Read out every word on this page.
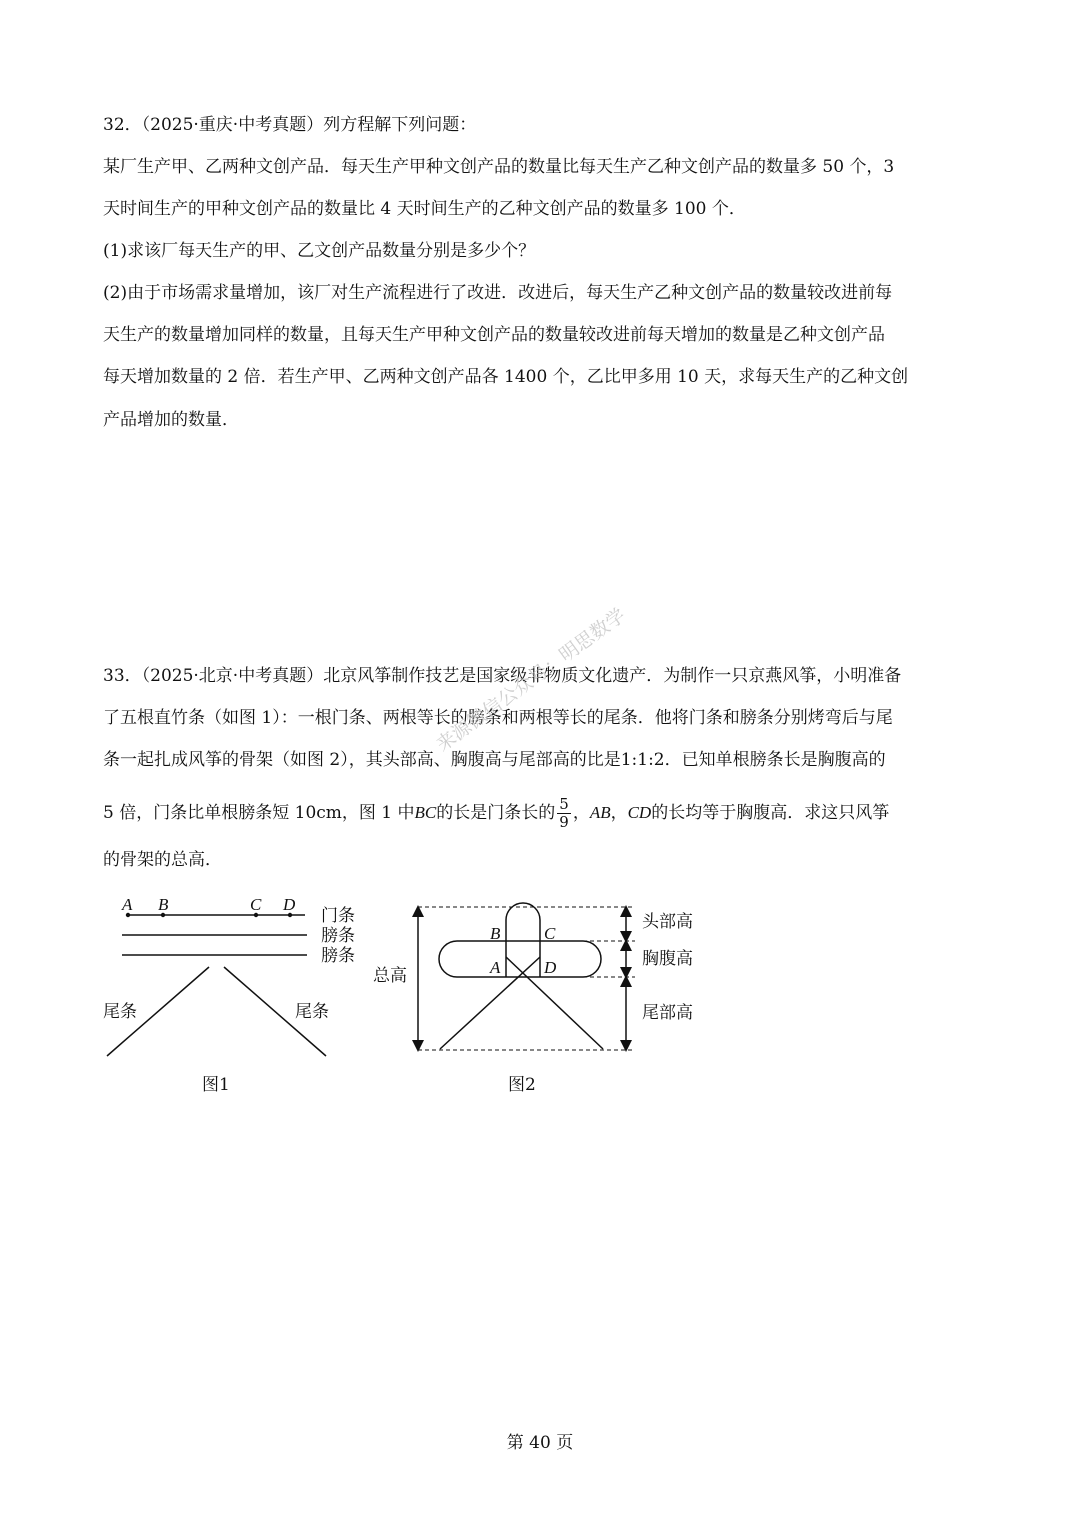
32．（2025·重庆·中考真题）列方程解下列问题：
某厂生产甲、乙两种文创产品．每天生产甲种文创产品的数量比每天生产乙种文创产品的数量多 50 个，3
天时间生产的甲种文创产品的数量比 4 天时间生产的乙种文创产品的数量多 100 个．
(1)求该厂每天生产的甲、乙文创产品数量分别是多少个？
(2)由于市场需求量增加，该厂对生产流程进行了改进．改进后，每天生产乙种文创产品的数量较改进前每
天生产的数量增加同样的数量，且每天生产甲种文创产品的数量较改进前每天增加的数量是乙种文创产品
每天增加数量的 2 倍．若生产甲、乙两种文创产品各 1400 个，乙比甲多用 10 天，求每天生产的乙种文创
产品增加的数量．
33．（2025·北京·中考真题）北京风筝制作技艺是国家级非物质文化遗产．为制作一只京燕风筝，小明准备
了五根直竹条（如图 1）：一根门条、两根等长的膀条和两根等长的尾条．他将门条和膀条分别烤弯后与尾
条一起扎成风筝的骨架（如图 2），其头部高、胸腹高与尾部高的比是1:1:2．已知单根膀条长是胸腹高的
5 倍，门条比单根膀条短 10cm，图 1 中BC的长是门条长的 $\frac{5}{9}$ ，AB，CD的长均等于胸腹高．求这只风筝
的骨架的总高．
A B	C D
门条
膀条
膀条
尾条	尾条
图1
B	C
A	D
总高
头部高
胸腹高
尾部高
图2
来源微信公众号：明思数学
第 40 页
